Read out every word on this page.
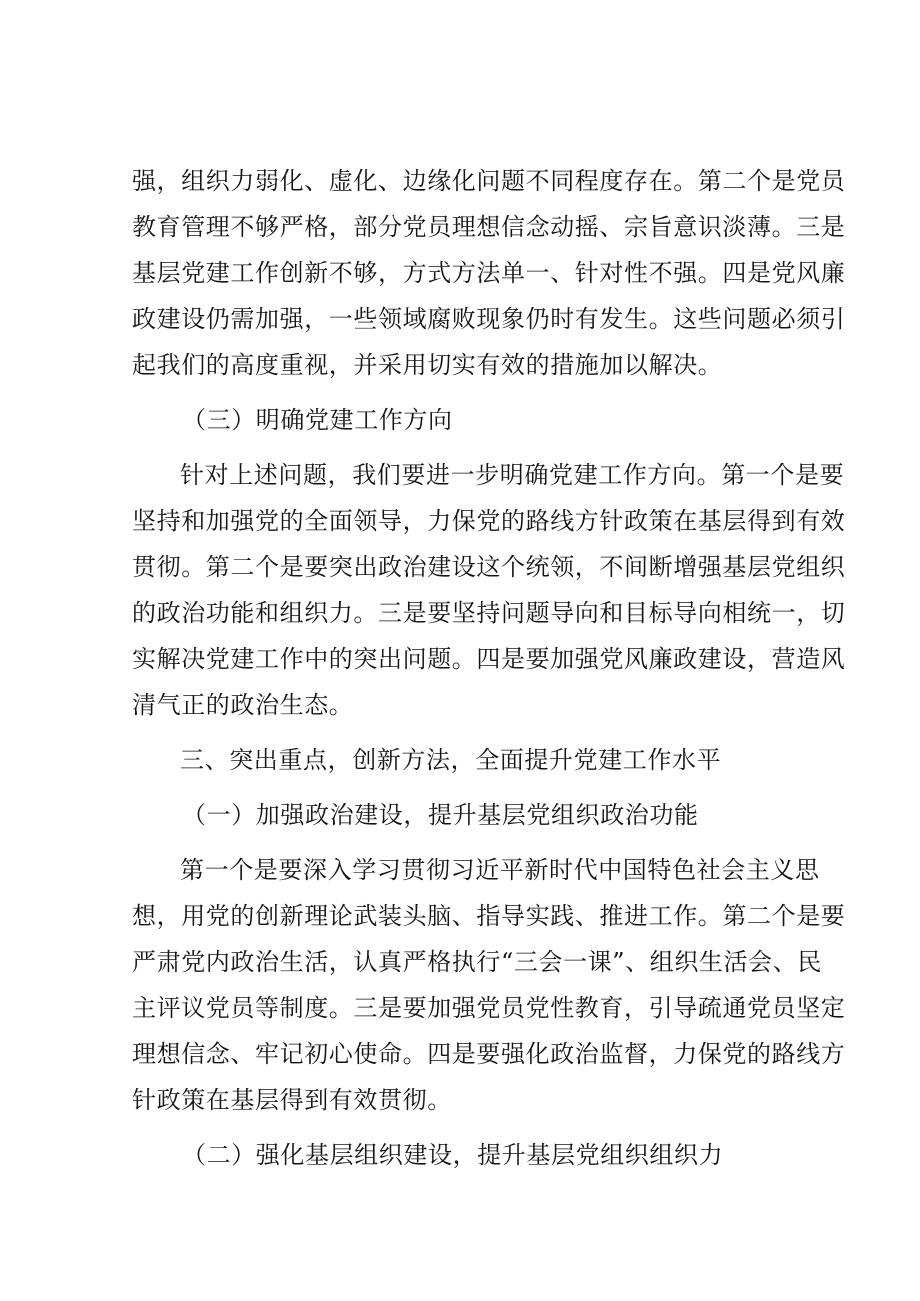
强，组织力弱化、虚化、边缘化问题不同程度存在。第二个是党员
教育管理不够严格，部分党员理想信念动摇、宗旨意识淡薄。三是
基层党建工作创新不够，方式方法单一、针对性不强。四是党风廉
政建设仍需加强，一些领域腐败现象仍时有发生。这些问题必须引
起我们的高度重视，并采用切实有效的措施加以解决。
（三）明确党建工作方向
针对上述问题，我们要进一步明确党建工作方向。第一个是要
坚持和加强党的全面领导，力保党的路线方针政策在基层得到有效
贯彻。第二个是要突出政治建设这个统领，不间断增强基层党组织
的政治功能和组织力。三是要坚持问题导向和目标导向相统一，切
实解决党建工作中的突出问题。四是要加强党风廉政建设，营造风
清气正的政治生态。
三、突出重点，创新方法，全面提升党建工作水平
（一）加强政治建设，提升基层党组织政治功能
第一个是要深入学习贯彻习近平新时代中国特色社会主义思
想，用党的创新理论武装头脑、指导实践、推进工作。第二个是要
严肃党内政治生活，认真严格执行“三会一课”、组织生活会、民
主评议党员等制度。三是要加强党员党性教育，引导疏通党员坚定
理想信念、牢记初心使命。四是要强化政治监督，力保党的路线方
针政策在基层得到有效贯彻。
（二）强化基层组织建设，提升基层党组织组织力
